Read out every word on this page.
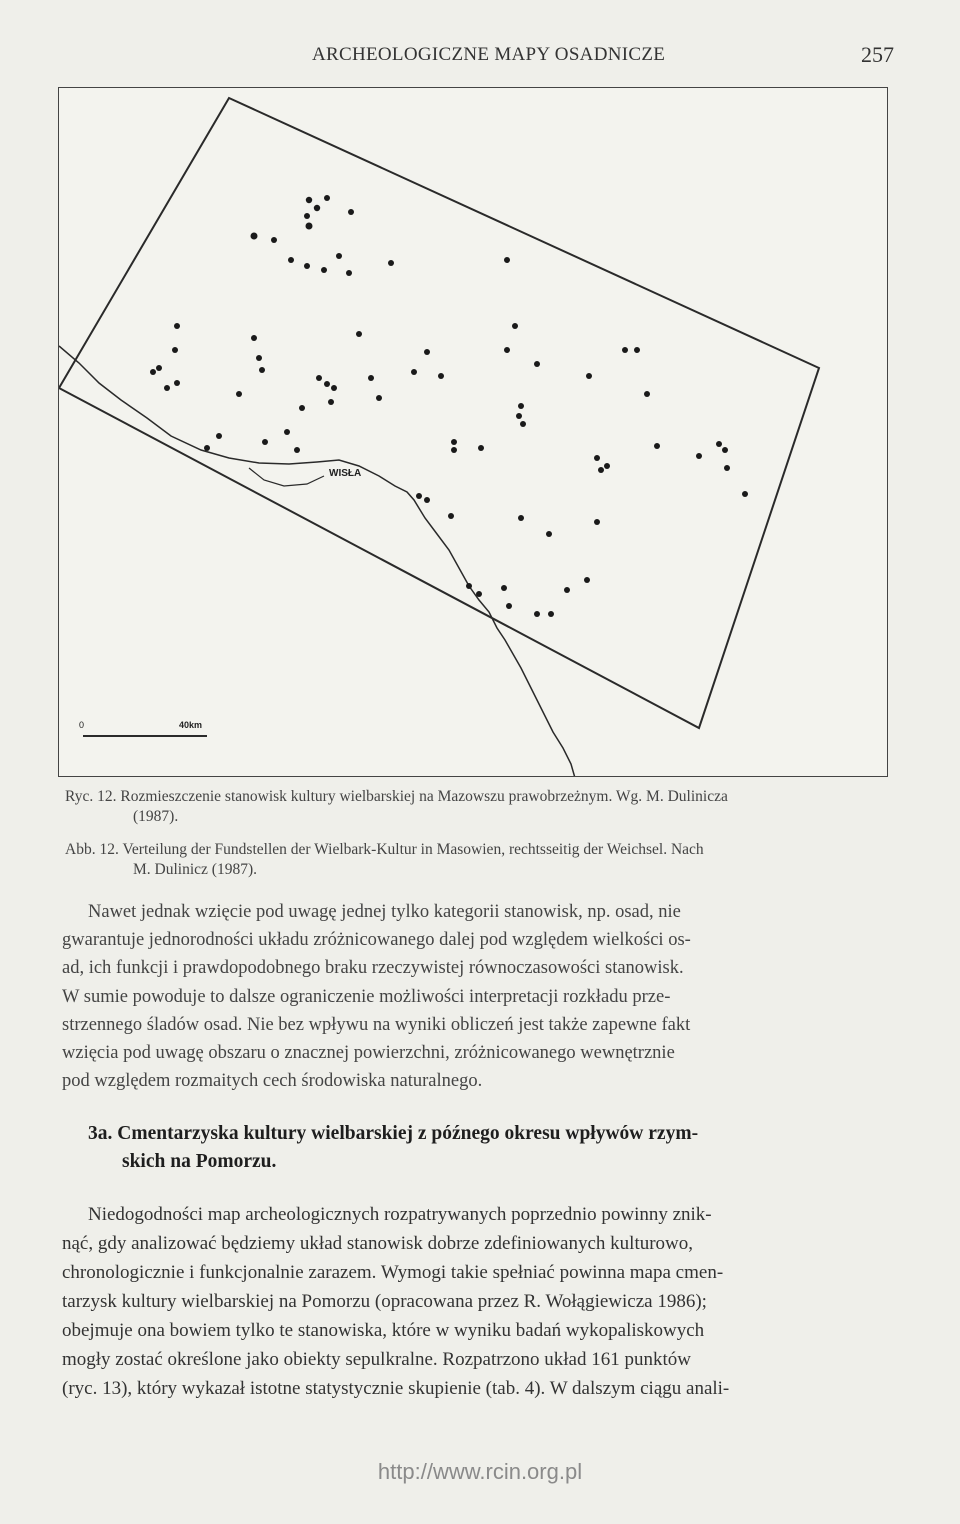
ARCHEOLOGICZNE MAPY OSADNICZE	257
WISŁA
0	40km
Ryc. 12. Rozmieszczenie stanowisk kultury wielbarskiej na Mazowszu prawobrzeżnym. Wg. M. Dulinicza
(1987).
Abb. 12. Verteilung der Fundstellen der Wielbark-Kultur in Masowien, rechtsseitig der Weichsel. Nach
M. Dulinicz (1987).
Nawet jednak wzięcie pod uwagę jednej tylko kategorii stanowisk, np. osad, nie
gwarantuje jednorodności układu zróżnicowanego dalej pod względem wielkości os-
ad, ich funkcji i prawdopodobnego braku rzeczywistej równoczasowości stanowisk.
W sumie powoduje to dalsze ograniczenie możliwości interpretacji rozkładu prze-
strzennego śladów osad. Nie bez wpływu na wyniki obliczeń jest także zapewne fakt
wzięcia pod uwagę obszaru o znacznej powierzchni, zróżnicowanego wewnętrznie
pod względem rozmaitych cech środowiska naturalnego.
3a. Cmentarzyska kultury wielbarskiej z późnego okresu wpływów rzym-
skich na Pomorzu.
Niedogodności map archeologicznych rozpatrywanych poprzednio powinny znik-
nąć, gdy analizować będziemy układ stanowisk dobrze zdefiniowanych kulturowo,
chronologicznie i funkcjonalnie zarazem. Wymogi takie spełniać powinna mapa cmen-
tarzysk kultury wielbarskiej na Pomorzu (opracowana przez R. Wołągiewicza 1986);
obejmuje ona bowiem tylko te stanowiska, które w wyniku badań wykopaliskowych
mogły zostać określone jako obiekty sepulkralne. Rozpatrzono układ 161 punktów
(ryc. 13), który wykazał istotne statystycznie skupienie (tab. 4). W dalszym ciągu anali-
http://www.rcin.org.pl
